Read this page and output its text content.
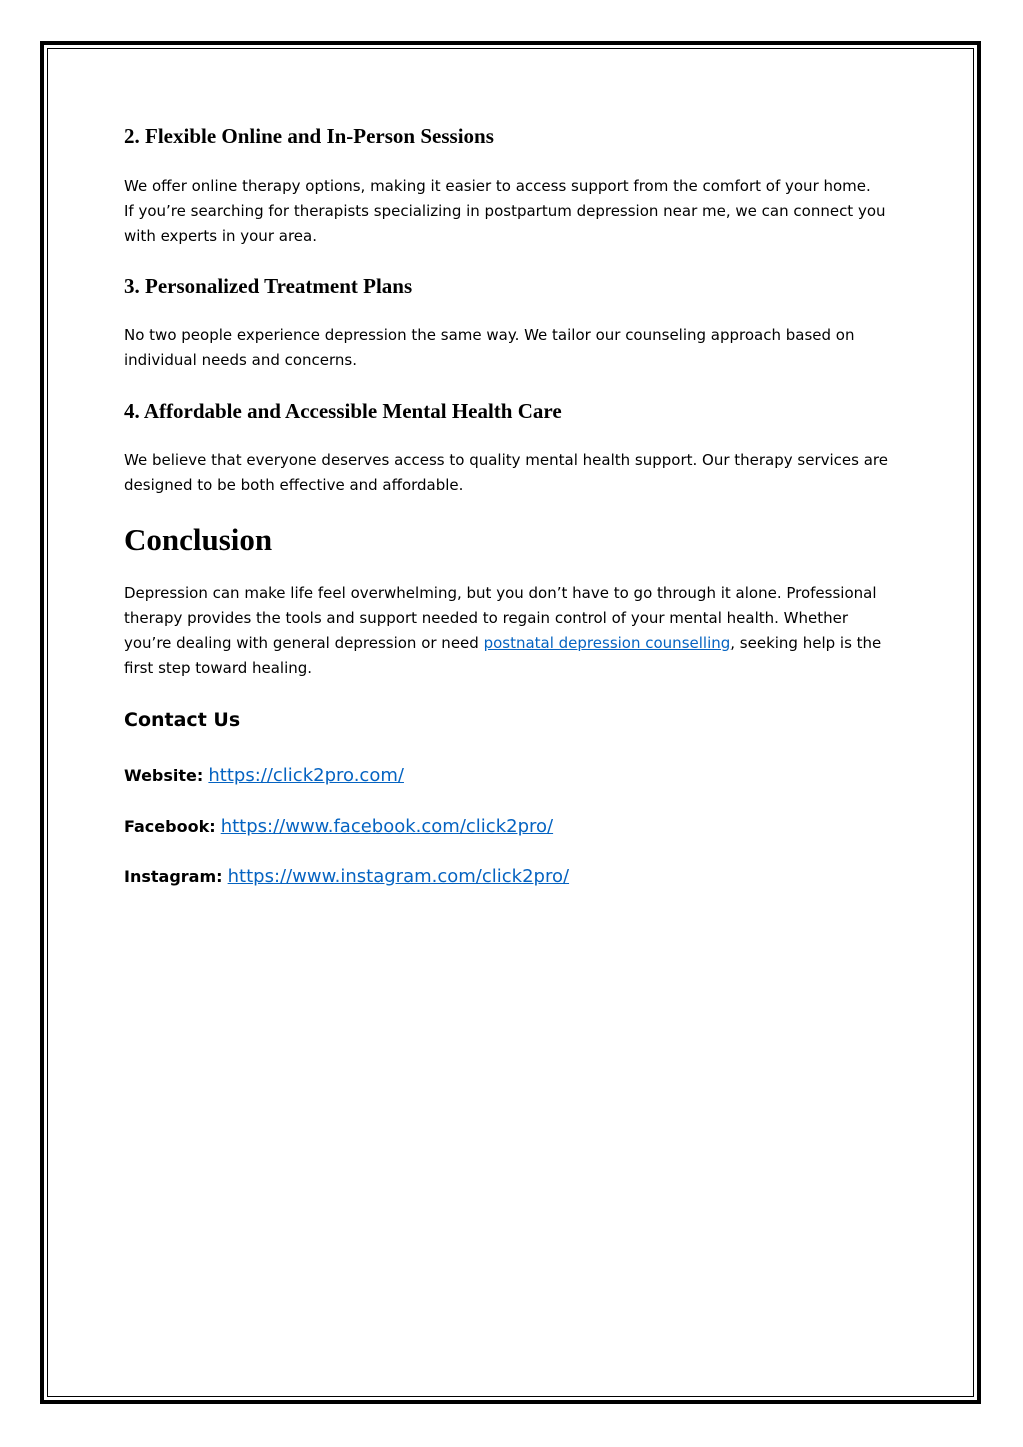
2. Flexible Online and In-Person Sessions

We offer online therapy options, making it easier to access support from the comfort of your home.
If you’re searching for therapists specializing in postpartum depression near me, we can connect you
with experts in your area.

3. Personalized Treatment Plans

No two people experience depression the same way. We tailor our counseling approach based on
individual needs and concerns.

4. Affordable and Accessible Mental Health Care

We believe that everyone deserves access to quality mental health support. Our therapy services are
designed to be both effective and affordable.

Conclusion

Depression can make life feel overwhelming, but you don’t have to go through it alone. Professional
therapy provides the tools and support needed to regain control of your mental health. Whether
you’re dealing with general depression or need postnatal depression counselling, seeking help is the
first step toward healing.

Contact Us

Website: https://click2pro.com/

Facebook: https://www.facebook.com/click2pro/

Instagram: https://www.instagram.com/click2pro/
